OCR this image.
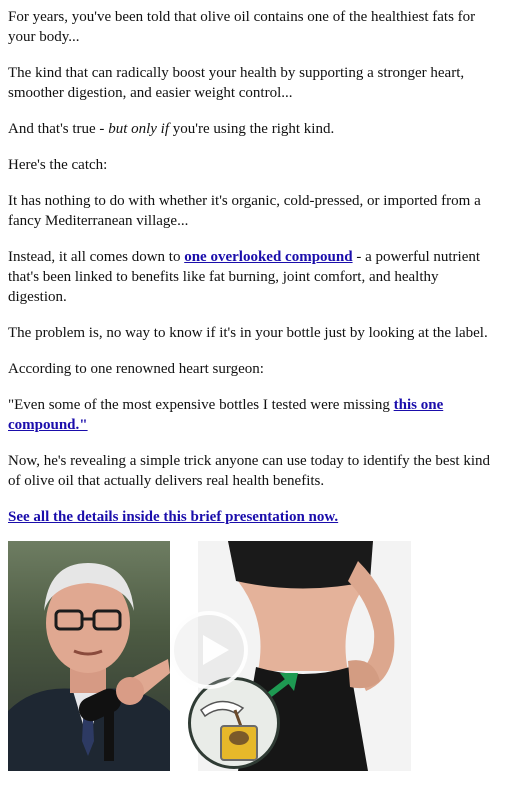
For years, you've been told that olive oil contains one of the healthiest fats for your body...

The kind that can radically boost your health by supporting a stronger heart, smoother digestion, and easier weight control...

And that's true - but only if you're using the right kind.

Here's the catch:

It has nothing to do with whether it's organic, cold-pressed, or imported from a fancy Mediterranean village...

Instead, it all comes down to one overlooked compound - a powerful nutrient that's been linked to benefits like fat burning, joint comfort, and healthy digestion.

The problem is, no way to know if it's in your bottle just by looking at the label.

According to one renowned heart surgeon:

"Even some of the most expensive bottles I tested were missing this one compound."

Now, he's revealing a simple trick anyone can use today to identify the best kind of olive oil that actually delivers real health benefits.

See all the details inside this brief presentation now.
